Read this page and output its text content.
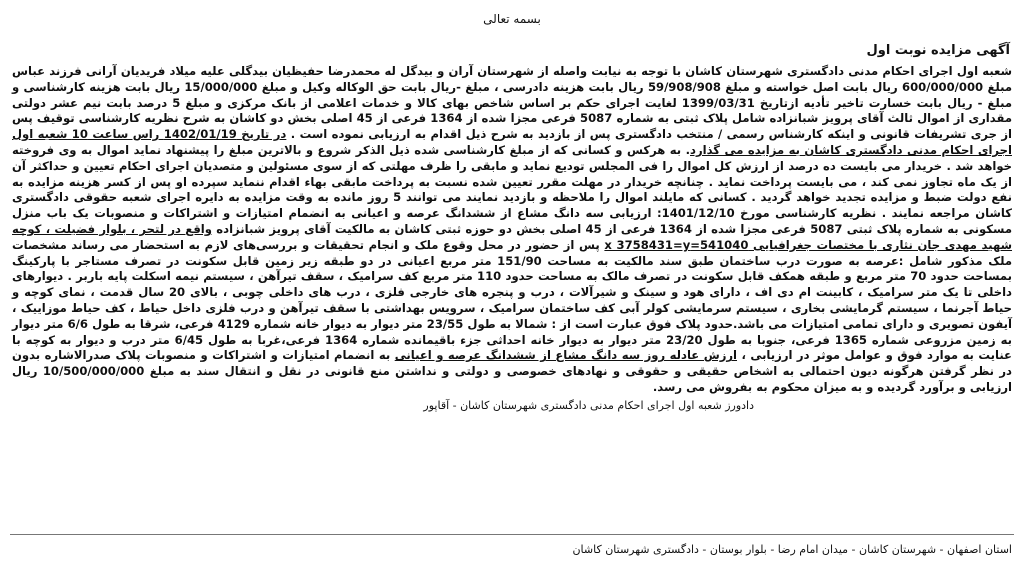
بسمه تعالی
آگهی مزایده نوبت اول

شعبه اول اجرای احکام مدنی دادگستری شهرستان کاشان با توجه به نیابت واصله از شهرستان آران و بیدگل له محمدرضا حفیظیان بیدگلی علیه میلاد فریدیان آرانی فرزند عباس مبلغ 600/000/000 ریال بابت اصل خواسته و مبلغ 59/908/908 ریال بابت هزینه دادرسی ، مبلغ -ریال بابت حق الوکاله وکیل و مبلغ 15/000/000 ریال بابت هزینه کارشناسی و مبلغ - ریال بابت خسارت تاخیر تأدیه ازتاریخ 1399/03/31 لغایت اجرای حکم بر اساس شاخص بهای کالا و خدمات اعلامی از بانک مرکزی و مبلغ 5 درصد بابت نیم عشر دولتی مقداری از اموال ثالث آقای پرویز شبانزاده شامل پلاک ثبتی به شماره 5087 فرعی مجزا شده از 1364 فرعی از 45 اصلی بخش دو کاشان به شرح نظریه کارشناسی توقیف پس از جری تشریفات قانونی و اینکه کارشناس رسمی / منتخب دادگستری پس از بازدید به شرح ذیل اقدام به ارزیابی نموده است . در تاریخ 1402/01/19 راس ساعت 10 شعبه اول اجرای احکام مدنی دادگستری کاشان به مزایده می گذارد. به هرکس و کسانی که از مبلغ کارشناسی شده ذیل الذکر شروع و بالاترین مبلغ را پیشنهاد نماید اموال به وی فروخته خواهد شد . خریدار می بایست ده درصد از ارزش کل اموال را فی المجلس تودیع نماید و مابقی را ظرف مهلتی که از سوی مسئولین و متصدیان اجرای احکام تعیین و حداکثر آن از یک ماه تجاوز نمی کند ، می بایست پرداخت نماید . چنانچه خریدار در مهلت مقرر تعیین شده نسبت به پرداخت مابقی بهاء اقدام ننماید سپرده او پس از کسر هزینه مزایده به نفع دولت ضبط و مزایده تجدید خواهد گردید . کسانی که مایلند اموال را ملاحظه و بازدید نمایند می توانند 5 روز مانده به وقت مزایده به دایره اجرای شعبه حقوقی دادگستری کاشان مراجعه نمایند . نظریه کارشناسی مورخ 1401/12/10: ارزیابی سه دانگ مشاع از ششدانگ عرصه و اعیانی به انضمام امتیازات و اشتراکات و منصوبات یک باب منزل مسکونی به شماره پلاک ثبتی 5087 فرعی مجزا شده از 1364 فرعی از 45 اصلی بخش دو حوزه ثبتی کاشان به مالکیت آقای پرویز شبانزاده واقع در لتحر ، بلوار فضیلت ، کوچه شهید مهدی جان نثاری با مختصات جغرافیایی 541040=x 3758431=y پس از حضور در محل وقوع ملک و انجام تحقیقات و بررسی‌های لازم به استحضار می رساند مشخصات ملک مذکور شامل :عرصه به صورت درب ساختمان طبق سند مالکیت به مساحت 151/90 متر مربع اعیانی در دو طبقه زیر زمین قابل سکونت در تصرف مستاجر با پارکینگ بمساحت حدود 70 متر مربع و طبقه همکف قابل سکونت در تصرف مالک به مساحت حدود 110 متر مربع کف سرامیک ، سقف تیرآهن ، سیستم نیمه اسکلت پایه باربر . دیوارهای داخلی تا یک متر سرامیک ، کابینت ام دی اف ، دارای هود و سینک و شیرآلات ، درب و پنجره های خارجی فلزی ، درب های داخلی چوبی ، بالای 20 سال قدمت ، نمای کوچه و حیاط آجرنما ، سیستم گرمایشی بخاری ، سیستم سرمایشی کولر آبی کف ساختمان سرامیک ، سرویس بهداشتی با سقف تیرآهن و درب فلزی داخل حیاط ، کف حیاط موزاییک ، آیفون تصویری و دارای تمامی امتیازات می باشد.حدود پلاک فوق عبارت است از : شمالا به طول 23/55 متر دیوار به دیوار خانه شماره 4129 فرعی، شرقا به طول 6/6 متر دیوار به زمین مزروعی شماره 1365 فرعی، جنوبا به طول 23/20 متر دیوار به دیوار خانه احداثی جزء باقیمانده شماره 1364 فرعی،غربا به طول 6/45 متر درب و دیوار به کوچه با عنایت به موارد فوق و عوامل موثر در ارزیابی ، ارزش عادله روز سه دانگ مشاع از ششدانگ عرصه و اعیانی به انضمام امتیازات و اشتراکات و منصوبات پلاک صدرالاشاره بدون در نظر گرفتن هرگونه دیون احتمالی به اشخاص حقیقی و حقوقی و نهادهای خصوصی و دولتی و نداشتن منع قانونی در نقل و انتقال سند به مبلغ 10/500/000/000 ریال ارزیابی و برآورد گردیده و به میزان محکوم به بفروش می رسد.

دادورز شعبه اول اجرای احکام مدنی دادگستری شهرستان کاشان - آقاپور
استان اصفهان - شهرستان کاشان - میدان امام رضا - بلوار بوستان - دادگستری شهرستان کاشان
